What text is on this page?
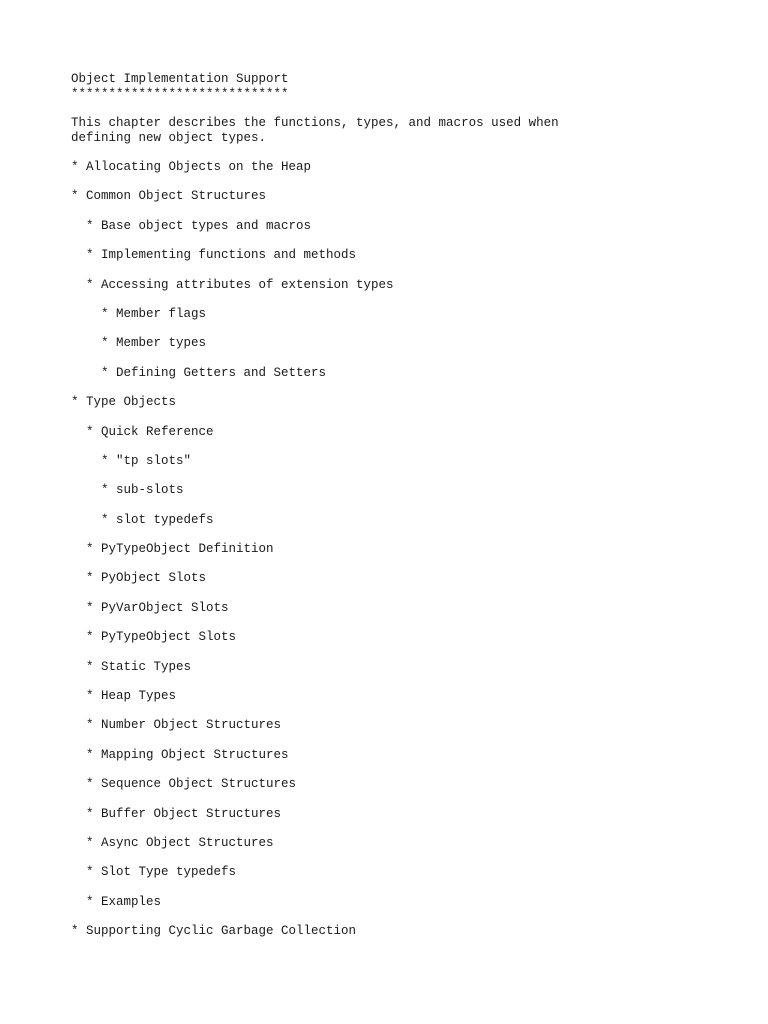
Object Implementation Support
*****************************
This chapter describes the functions, types, and macros used when
defining new object types.
* Allocating Objects on the Heap
* Common Object Structures
* Base object types and macros
* Implementing functions and methods
* Accessing attributes of extension types
* Member flags
* Member types
* Defining Getters and Setters
* Type Objects
* Quick Reference
* "tp slots"
* sub-slots
* slot typedefs
* PyTypeObject Definition
* PyObject Slots
* PyVarObject Slots
* PyTypeObject Slots
* Static Types
* Heap Types
* Number Object Structures
* Mapping Object Structures
* Sequence Object Structures
* Buffer Object Structures
* Async Object Structures
* Slot Type typedefs
* Examples
* Supporting Cyclic Garbage Collection
